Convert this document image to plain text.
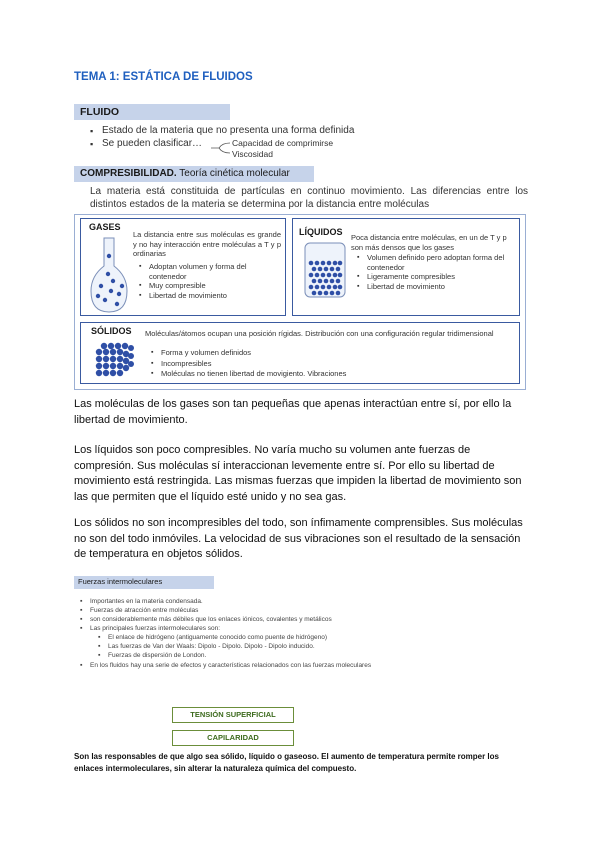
TEMA 1: ESTÁTICA DE FLUIDOS
FLUIDO
▪ Estado de la materia que no presenta una forma definida
▪ Se pueden clasificar…	Capacidad de comprimirse
Viscosidad
COMPRESIBILIDAD. Teoría cinética molecular
La materia está constituida de partículas en continuo movimiento. Las diferencias entre los distintos estados de la materia se determina por la distancia entre moléculas
GASES
La distancia entre sus moléculas es grande y no hay interacción entre moléculas a T y p ordinarias
▪ Adoptan volumen y forma del contenedor
▪ Muy compresible
▪ Libertad de movimiento
LÍQUIDOS
Poca distancia entre moléculas, en un de T y p son más densos que los gases
▪ Volumen definido pero adoptan forma del contenedor
▪ Ligeramente compresibles
▪ Libertad de movimiento
SÓLIDOS Moléculas/átomos ocupan una posición rígidas. Distribución con una configuración regular tridimensional
▪ Forma y volumen definidos
▪ Incompresibles
▪ Moléculas no tienen libertad de movigiento. Vibraciones
Las moléculas de los gases son tan pequeñas que apenas interactúan entre sí, por ello la libertad de movimiento.
Los líquidos son poco compresibles. No varía mucho su volumen ante fuerzas de compresión. Sus moléculas sí interaccionan levemente entre sí. Por ello su libertad de movimiento está restringida. Las mismas fuerzas que impiden la libertad de movimiento son las que permiten que el líquido esté unido y no sea gas.
Los sólidos no son incompresibles del todo, son ínfimamente comprensibles. Sus moléculas no son del todo inmóviles. La velocidad de sus vibraciones son el resultado de la sensación de temperatura en objetos sólidos.
Fuerzas intermoleculares
▪ Importantes en la materia condensada.
▪ Fuerzas de atracción entre moléculas
▪ son considerablemente más débiles que los enlaces iónicos, covalentes y metálicos
▪ Las principales fuerzas intermoleculares son:
▪ El enlace de hidrógeno (antiguamente conocido como puente de hidrógeno)
▪ Las fuerzas de Van der Waals: Dipolo - Dipolo. Dipolo - Dipolo inducido.
▪ Fuerzas de dispersión de London.
▪ En los fluidos hay una serie de efectos y características relacionados con las fuerzas moleculares
TENSIÓN SUPERFICIAL
CAPILARIDAD
Son las responsables de que algo sea sólido, líquido o gaseoso. El aumento de temperatura permite romper los enlaces intermoleculares, sin alterar la naturaleza química del compuesto.
